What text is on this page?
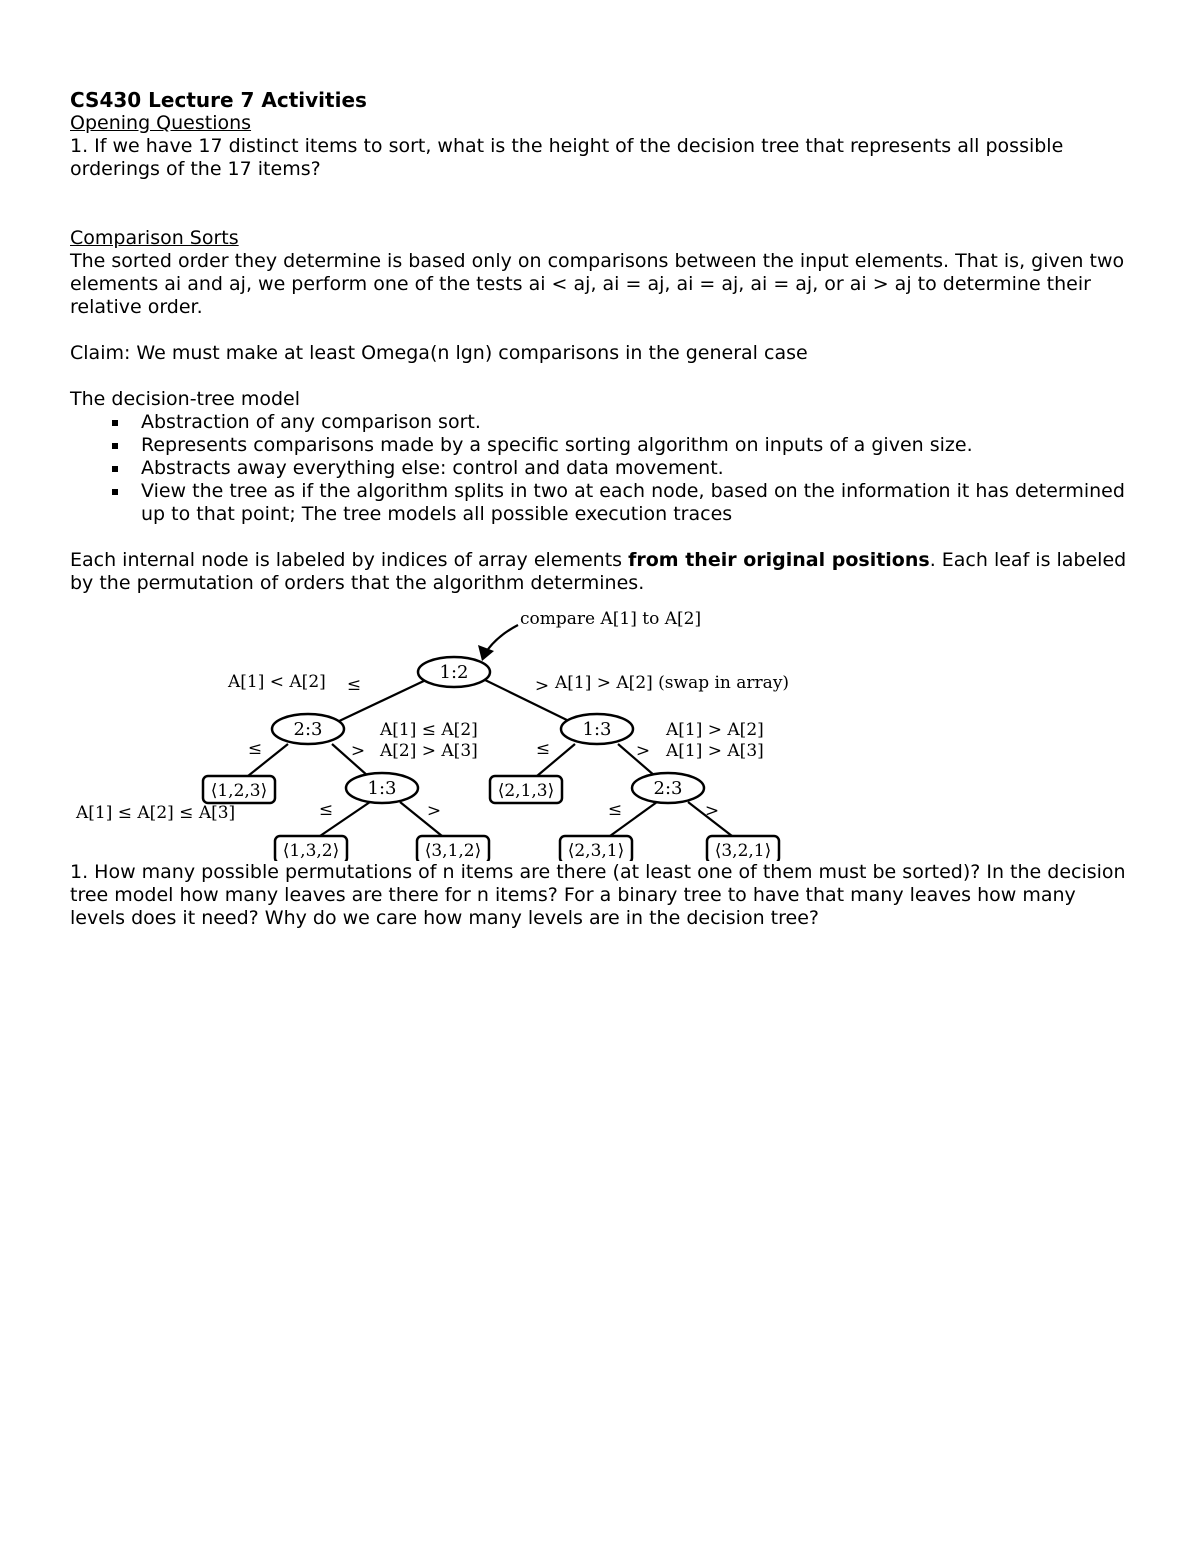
CS430 Lecture 7 Activities

Opening Questions

1. If we have 17 distinct items to sort, what is the height of the decision tree that represents all possible orderings of the 17 items?

Comparison Sorts

The sorted order they determine is based only on comparisons between the input elements. That is, given two elements ai and aj, we perform one of the tests ai < aj, ai = aj, ai = aj, ai = aj, or ai > aj to determine their relative order.

Claim: We must make at least Omega(n lgn) comparisons in the general case

The decision-tree model

Abstraction of any comparison sort.
Represents comparisons made by a specific sorting algorithm on inputs of a given size.
Abstracts away everything else: control and data movement.
View the tree as if the algorithm splits in two at each node, based on the information it has determined up to that point; The tree models all possible execution traces

Each internal node is labeled by indices of array elements from their original positions. Each leaf is labeled by the permutation of orders that the algorithm determines.

1:2
2:3	1:3
1:3	2:3
⟨1,2,3⟩
⟨1,3,2⟩	⟨3,1,2⟩
⟨2,1,3⟩
⟨2,3,1⟩	⟨3,2,1⟩
≤	>
≤	>	≤	>
≤	>	≤	>
compare A[1] to A[2]
A[1] < A[2]	A[1] > A[2] (swap in array)
A[1] ≤ A[2]
A[2] > A[3]
A[1] > A[2]
A[1] > A[3]
A[1] ≤ A[2] ≤ A[3]

1. How many possible permutations of n items are there (at least one of them must be sorted)? In the decision tree model how many leaves are there for n items? For a binary tree to have that many leaves how many levels does it need? Why do we care how many levels are in the decision tree?
